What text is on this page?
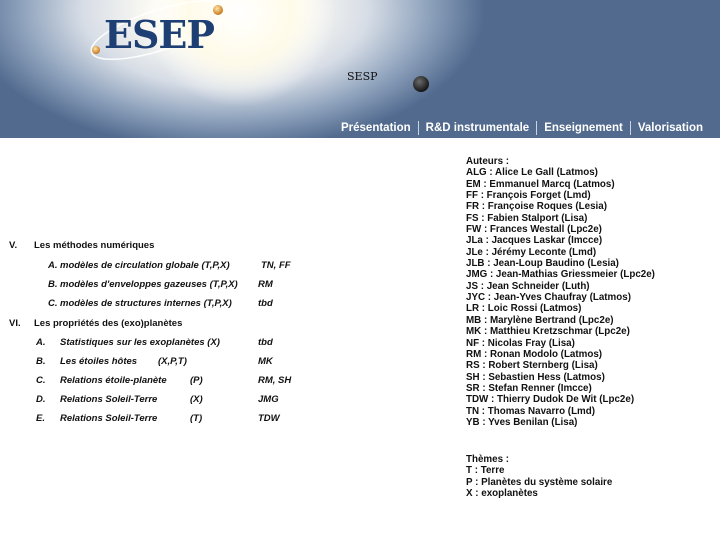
ESEP
SESP
Présentation	R&D instrumentale	Enseignement	Valorisation
V. Les méthodes numériques
A. modèles de circulation globale (T,P,X)	TN, FF
B. modèles d'enveloppes gazeuses (T,P,X) RM
C. modèles de structures internes (T,P,X)	tbd
VI. Les propriétés des (exo)planètes
A. Statistiques sur les exoplanètes (X)	tbd
B. Les étoiles hôtes (X,P,T)	MK
C. Relations étoile-planète (P)	RM, SH
D. Relations Soleil-Terre	(X)	JMG
E. Relations Soleil-Terre	(T)	TDW
Auteurs :
ALG : Alice Le Gall (Latmos)
EM : Emmanuel Marcq (Latmos)
FF : François Forget (Lmd)
FR : Françoise Roques (Lesia)
FS : Fabien Stalport (Lisa)
FW : Frances Westall (Lpc2e)
JLa : Jacques Laskar (Imcce)
JLe : Jérémy Leconte (Lmd)
JLB : Jean-Loup Baudino (Lesia)
JMG : Jean-Mathias Griessmeier (Lpc2e)
JS : Jean Schneider (Luth)
JYC : Jean-Yves Chaufray (Latmos)
LR : Loic Rossi (Latmos)
MB : Marylène Bertrand (Lpc2e)
MK : Matthieu Kretzschmar (Lpc2e)
NF : Nicolas Fray (Lisa)
RM : Ronan Modolo (Latmos)
RS : Robert Sternberg (Lisa)
SH : Sebastien Hess (Latmos)
SR : Stefan Renner (Imcce)
TDW : Thierry Dudok De Wit (Lpc2e)
TN : Thomas Navarro (Lmd)
YB : Yves Benilan (Lisa)
Thèmes :
T : Terre
P : Planètes du système solaire
X : exoplanètes
